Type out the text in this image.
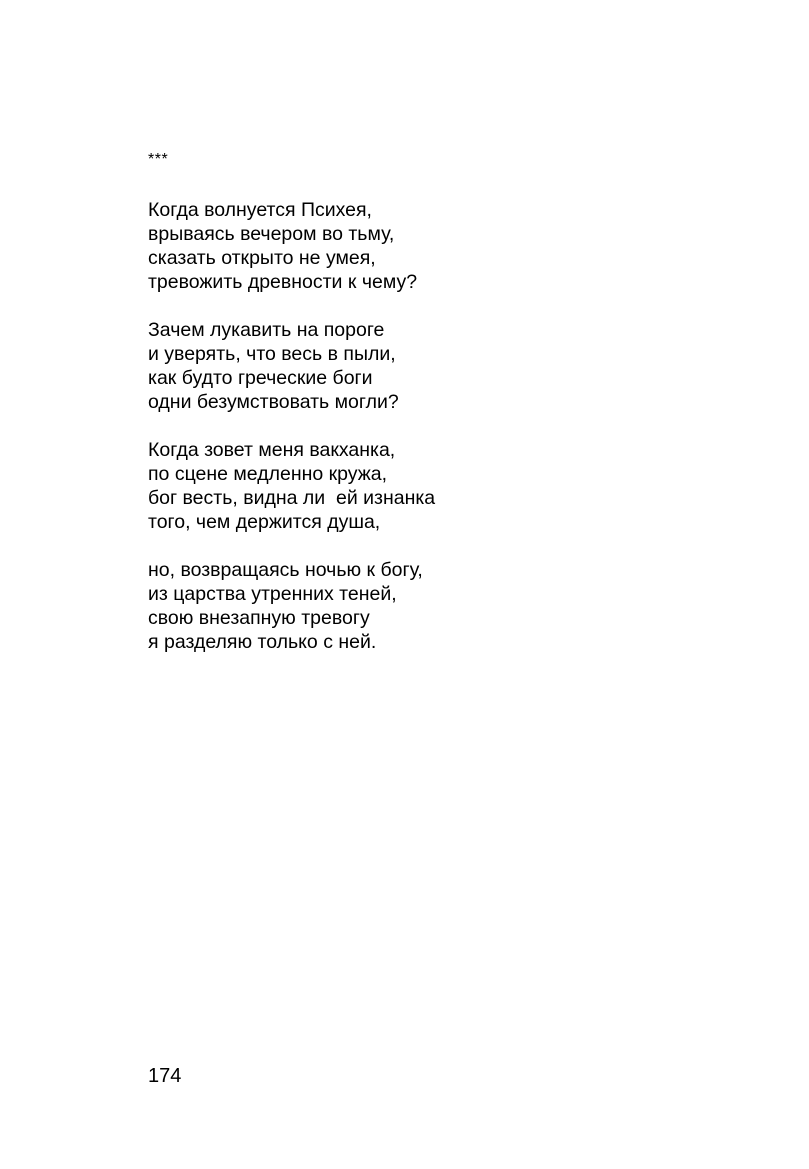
***
Когда волнуется Психея,
врываясь вечером во тьму,
сказать открыто не умея,
тревожить древности к чему?
Зачем лукавить на пороге
и уверять, что весь в пыли,
как будто греческие боги
одни безумствовать могли?
Когда зовет меня вакханка,
по сцене медленно кружа,
бог весть, видна ли  ей изнанка
того, чем держится душа,
но, возвращаясь ночью к богу,
из царства утренних теней,
свою внезапную тревогу
я разделяю только с ней.
174
